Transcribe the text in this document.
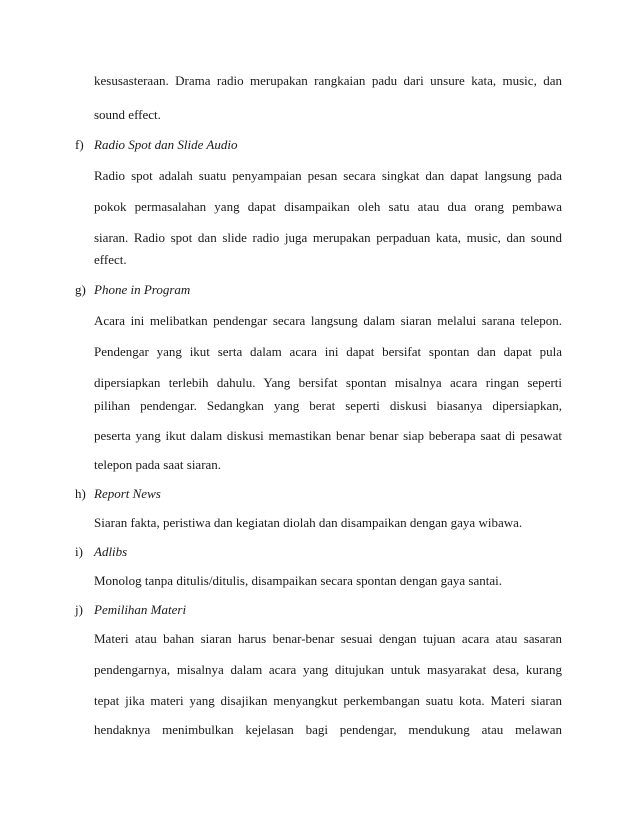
kesusasteraan. Drama radio merupakan rangkaian padu dari unsure kata, music, dan
sound effect.
f) Radio Spot dan Slide Audio
Radio spot adalah suatu penyampaian pesan secara singkat dan dapat langsung pada
pokok permasalahan yang dapat disampaikan oleh satu atau dua orang pembawa
siaran. Radio spot dan slide radio juga merupakan perpaduan kata, music, dan sound
effect.
g) Phone in Program
Acara ini melibatkan pendengar secara langsung dalam siaran melalui sarana telepon.
Pendengar yang ikut serta dalam acara ini dapat bersifat spontan dan dapat pula
dipersiapkan terlebih dahulu. Yang bersifat spontan misalnya acara ringan seperti
pilihan pendengar. Sedangkan yang berat seperti diskusi biasanya dipersiapkan,
peserta yang ikut dalam diskusi memastikan benar benar siap beberapa saat di pesawat
telepon pada saat siaran.
h) Report News
Siaran fakta, peristiwa dan kegiatan diolah dan disampaikan dengan gaya wibawa.
i) Adlibs
Monolog tanpa ditulis/ditulis, disampaikan secara spontan dengan gaya santai.
j) Pemilihan Materi
Materi atau bahan siaran harus benar-benar sesuai dengan tujuan acara atau sasaran
pendengarnya, misalnya dalam acara yang ditujukan untuk masyarakat desa, kurang
tepat jika materi yang disajikan menyangkut perkembangan suatu kota. Materi siaran
hendaknya menimbulkan kejelasan bagi pendengar, mendukung atau melawan
